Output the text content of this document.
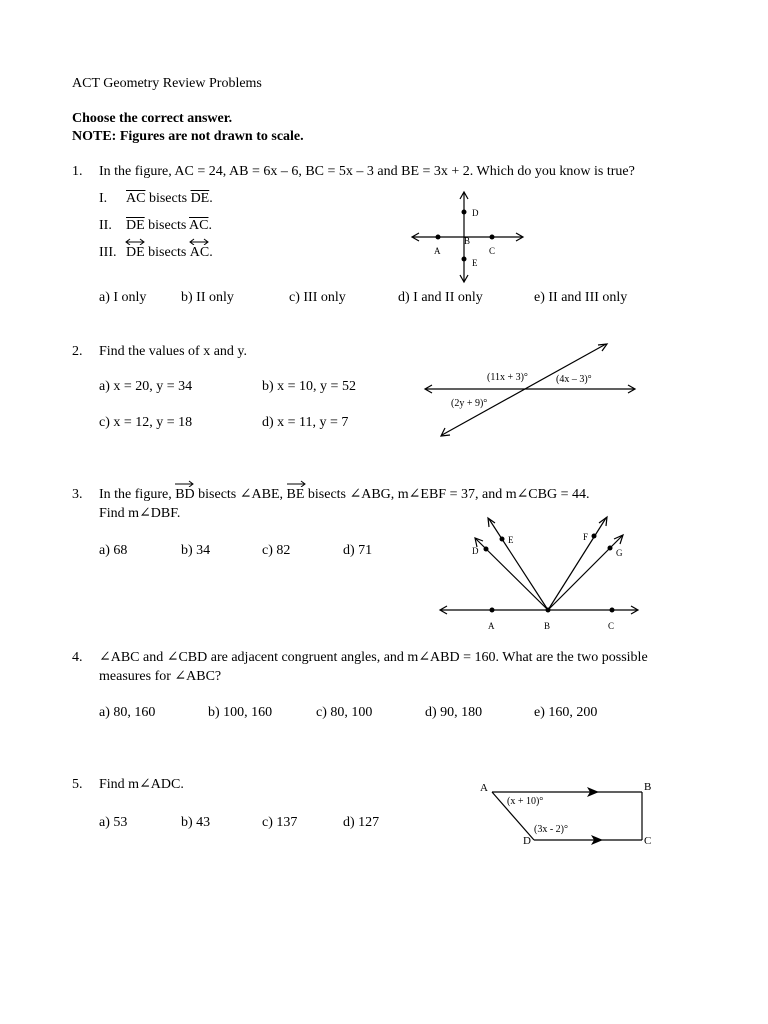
ACT Geometry Review Problems
Choose the correct answer.
NOTE: Figures are not drawn to scale.
1. In the figure, AC = 24, AB = 6x – 6, BC = 5x – 3 and BE = 3x + 2. Which do you know is true?
I. $\overline{AC}$ bisects $\overline{DE}$.
II. $\overline{DE}$ bisects $\overline{AC}$.
III. DE
bisects AC
.
D
B
A	C
E
a) I only b) II only	c) III only	d) I and II only	e) II and III only
2. Find the values of x and y.
a) x = 20, y = 34	b) x = 10, y = 52
c) x = 12, y = 18	d) x = 11, y = 7
(11x + 3)°	(4x – 3)°
(2y + 9)°
3. In the figure, BD
bisects ∠ABE, BE
bisects ∠ABG, m∠EBF = 37, and m∠CBG = 44.
Find m∠DBF.
a) 68	b) 34	c) 82	d) 71	D
E	F
G
A	B	C
4. ∠ABC and ∠CBD are adjacent congruent angles, and m∠ABD = 160. What are the two possible
measures for ∠ABC?
a) 80, 160	b) 100, 160	c) 80, 100	d) 90, 180	e) 160, 200
5. Find m∠ADC.
a) 53	b) 43	c) 137	d) 127
A	B
C
D
(x + 10)°
(3x - 2)°
